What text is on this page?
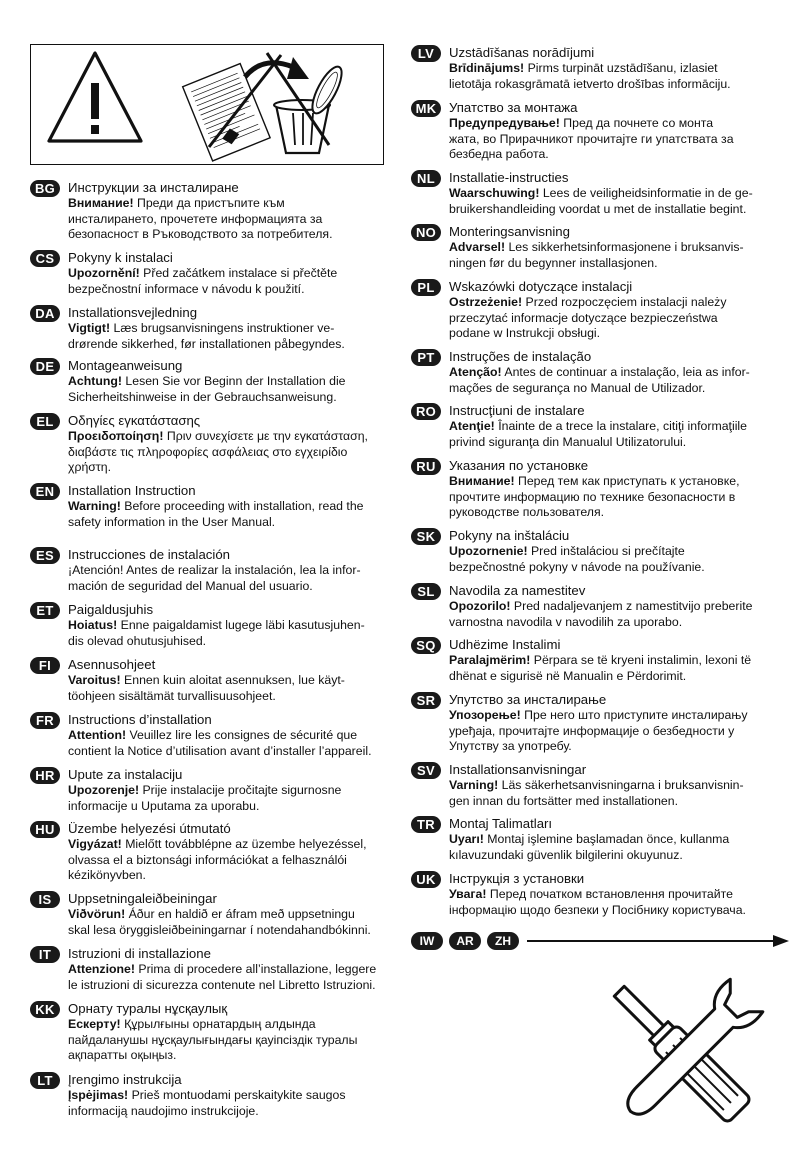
BG Инструкции за инсталиране
Внимание! Преди да пристъпите към
инсталирането, прочетете информацията за
безопасност в Ръководството за потребителя.
CS	Pokyny k instalaci
Upozornění! Před začátkem instalace si přečtěte
bezpečnostní informace v návodu k použití.
DA	Installationsvejledning
Vigtigt! Læs brugsanvisningens instruktioner ve-
drørende sikkerhed, før installationen påbegyndes.
DE	Montageanweisung
Achtung! Lesen Sie vor Beginn der Installation die
Sicherheitshinweise in der Gebrauchsanweisung.
EL	Οδηγίες εγκατάστασης
Προειδοποίηση! Πριν συνεχίσετε με την εγκατάσταση,
διαβάστε τις πληροφορίες ασφάλειας στο εγχειρίδιο
χρήστη.
EN	Installation Instruction
Warning! Before proceeding with installation, read the
safety information in the User Manual.
ES	Instrucciones de instalación
¡Atención! Antes de realizar la instalación, lea la infor-
mación de seguridad del Manual del usuario.
ET	Paigaldusjuhis
Hoiatus! Enne paigaldamist lugege läbi kasutusjuhen-
dis olevad ohutusjuhised.
FI	Asennusohjeet
Varoitus! Ennen kuin aloitat asennuksen, lue käyt-
töohjeen sisältämät turvallisuusohjeet.
FR	Instructions d’installation
Attention! Veuillez lire les consignes de sécurité que
contient la Notice d’utilisation avant d’installer l’appareil.
HR	Upute za instalaciju
Upozorenje! Prije instalacije pročitajte sigurnosne
informacije u Uputama za uporabu.
HU	Üzembe helyezési útmutató
Vigyázat! Mielőtt továbblépne az üzembe helyezéssel,
olvassa el a biztonsági információkat a felhasználói
kézikönyvben.
IS	Uppsetningaleiðbeiningar
Viðvörun! Áður en haldið er áfram með uppsetningu
skal lesa öryggisleiðbeiningarnar í notendahandbókinni.
IT	Istruzioni di installazione
Attenzione! Prima di procedere all’installazione, leggere
le istruzioni di sicurezza contenute nel Libretto Istruzioni.
KK	Орнату туралы нұсқаулық
Ескерту! Құрылғыны орнатардың алдында
пайдаланушы нұсқаулығындағы қауіпсіздік туралы
ақпаратты оқыңыз.
LT	Įrengimo instrukcija
Įspėjimas! Prieš montuodami perskaitykite saugos
informaciją naudojimo instrukcijoje.
LV	Uzstādīšanas norādījumi
Brīdinājums! Pirms turpināt uzstādīšanu, izlasiet
lietotāja rokasgrāmatā ietverto drošības informāciju.
MK Упатство за монтажа
Предупредување! Пред да почнете со монта
жата, во Прирачникот прочитајте ги упатствата за
безбедна работа.
NL	Installatie-instructies
Waarschuwing! Lees de veiligheidsinformatie in de ge-
bruikershandleiding voordat u met de installatie begint.
NO Monteringsanvisning
Advarsel! Les sikkerhetsinformasjonene i bruksanvis-
ningen før du begynner installasjonen.
PL	Wskazówki dotyczące instalacji
Ostrzeżenie! Przed rozpoczęciem instalacji należy
przeczytać informacje dotyczące bezpieczeństwa
podane w Instrukcji obsługi.
PT	Instruções de instalação
Atenção! Antes de continuar a instalação, leia as infor-
mações de segurança no Manual de Utilizador.
RO Instrucţiuni de instalare
Atenţie! Înainte de a trece la instalare, citiţi informaţiile
privind siguranţa din Manualul Utilizatorului.
RU	Указания по установке
Внимание! Перед тем как приступать к установке,
прочтите информацию по технике безопасности в
руководстве пользователя.
SK	Pokyny na inštaláciu
Upozornenie! Pred inštaláciou si prečítajte
bezpečnostné pokyny v návode na používanie.
SL	Navodila za namestitev
Opozorilo! Pred nadaljevanjem z namestitvijo preberite
varnostna navodila v navodilih za uporabo.
SQ	Udhëzime Instalimi
Paralajmërim! Përpara se të kryeni instalimin, lexoni të
dhënat e sigurisë në Manualin e Përdorimit.
SR	Упутство за инсталирање
Упозорење! Пре него што приступите инсталирању
уређаја, прочитајте информације о безбедности у
Упутству за употребу.
SV	Installationsanvisningar
Varning! Läs säkerhetsanvisningarna i bruksanvisnin-
gen innan du fortsätter med installationen.
TR	Montaj Talimatları
Uyarı! Montaj işlemine başlamadan önce, kullanma
kılavuzundaki güvenlik bilgilerini okuyunuz.
UK	Інструкція з установки
Увага! Перед початком встановлення прочитайте
інформацію щодо безпеки у Посібнику користувача.
IW	AR	ZH
